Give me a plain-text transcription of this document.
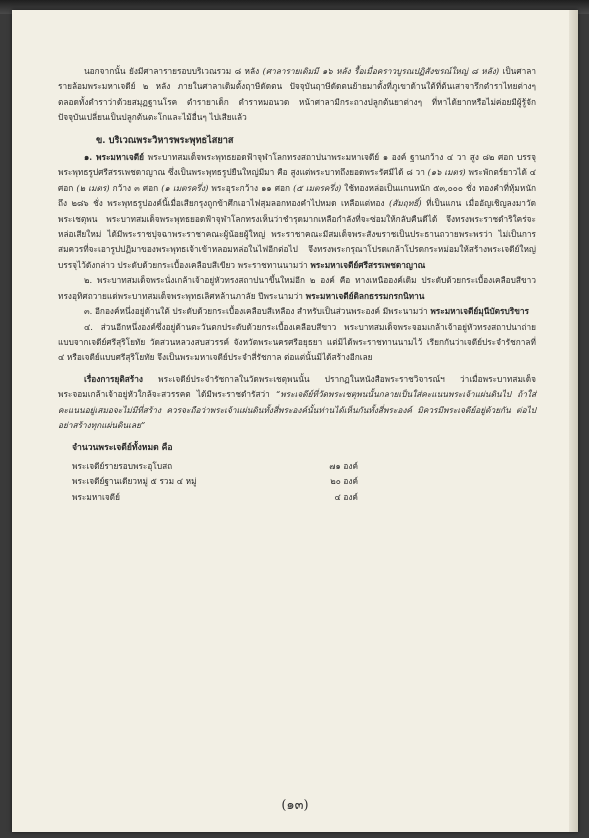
นอกจากนั้น ยังมีศาลารายรอบบริเวณรวม ๘ หลัง (ศาลารายเดิมมี ๑๖ หลัง รื้อเมื่อคราวบูรณปฏิสังขรณ์ใหญ่ ๘ หลัง) เป็นศาลารายล้อมพระมหาเจดีย์ ๒ หลัง ภายในศาลาเดิมตั้งฤาษีดัดตน ปัจจุบันฤาษีดัดตนย้ายมาตั้งที่ภูเขาด้านใต้ที่ต้นเสาจารึกตำราไทยต่างๆ ตลอดทั้งตำราว่าด้วยสมุฏฐานโรค ตำรายาเด็ก ตำราหมอนวด หน้าศาลามีกระถางปลูกต้นยาต่างๆ ที่หาได้ยากหรือไม่ค่อยมีผู้รู้จัก ปัจจุบันเปลี่ยนเป็นปลูกต้นตะโกและไม้อื่นๆ ไปเสียแล้ว

ข. บริเวณพระวิหารพระพุทธไสยาส

๑. พระมหาเจดีย์ พระบาทสมเด็จพระพุทธยอดฟ้าจุฬาโลกทรงสถาปนาพระมหาเจดีย์ ๑ องค์ ฐานกว้าง ๔ วา สูง ๘๒ ศอก บรรจุพระพุทธรูปศรีสรรเพชดาญาณ ซึ่งเป็นพระพุทธรูปยืนใหญ่มีมา คือ สูงแต่พระบาทถึงยอดพระรัศมีได้ ๘ วา (๑๖ เมตร) พระพักตร์ยาวได้ ๔ ศอก (๒ เมตร) กว้าง ๓ ศอก (๑ เมตรครึ่ง) พระอุระกว้าง ๑๑ ศอก (๕ เมตรครึ่ง) ใช้ทองหล่อเป็นแกนหนัก ๕๓,๐๐๐ ชั่ง ทองคำที่หุ้มหนักถึง ๒๘๖ ชั่ง พระพุทธรูปองค์นี้เมื่อเสียกรุงถูกข้าศึกเอาไฟสุมลอกทองคำไปหมด เหลือแต่ทอง (สัมฤทธิ์) ที่เป็นแกน เมื่ออัญเชิญลงมาวัดพระเชตุพน พระบาทสมเด็จพระพุทธยอดฟ้าจุฬาโลกทรงเห็นว่าชำรุดมากเหลือกำลังที่จะซ่อมให้กลับคืนดีได้ จึงทรงพระราชดำริใคร่จะหล่อเสียใหม่ ได้มีพระราชปุจฉาพระราชาคณะผู้น้อยผู้ใหญ่ พระราชาคณะมีสมเด็จพระสังฆราชเป็นประธานถวายพระพรว่า ไม่เป็นการสมควรที่จะเอารูปปฏิมาของพระพุทธเจ้าเข้าหลอมหล่อในไฟอีกต่อไป จึงทรงพระกรุณาโปรดเกล้าโปรดกระหม่อมให้สร้างพระเจดีย์ใหญ่บรรจุไว้ดังกล่าว ประดับด้วยกระเบื้องเคลือบสีเขียว พระราชทานนามว่า พระมหาเจดีย์ศรีสรรเพชดาญาณ

๒. พระบาทสมเด็จพระนั่งเกล้าเจ้าอยู่หัวทรงสถาปนาขึ้นใหม่อีก ๒ องค์ คือ ทางเหนือองค์เดิม ประดับด้วยกระเบื้องเคลือบสีขาว ทรงอุทิศถวายแด่พระบาทสมเด็จพระพุทธเลิศหล้านภาลัย ปีพระนามว่า พระมหาเจดีย์ดิลกธรรมกรกนิทาน

๓. อีกองค์หนึ่งอยู่ด้านใต้ ประดับด้วยกระเบื้องเคลือบสีเหลือง สำหรับเป็นส่วนพระองค์ มีพระนามว่า พระมหาเจดีย์มุนีบัตรบริขาร

๔. ส่วนอีกหนึ่งองค์ซึ่งอยู่ด้านตะวันตกประดับด้วยกระเบื้องเคลือบสีขาว พระบาทสมเด็จพระจอมเกล้าเจ้าอยู่หัวทรงสถาปนาถ่ายแบบจากเจดีย์ศรีสุริโยทัย วัดสวนหลวงสบสวรรค์ จังหวัดพระนครศรีอยุธยา แต่มิได้พระราชทานนามไว้ เรียกกันว่าเจดีย์ประจำรัชกาลที่ ๔ หรือเจดีย์แบบศรีสุริโยทัย จึงเป็นพระมหาเจดีย์ประจำสี่รัชกาล ต่อแต่นั้นมิได้สร้างอีกเลย

เรื่องการยุติสร้าง พระเจดีย์ประจำรัชกาลในวัดพระเชตุพนนั้น ปรากฏในหนังสือพระราชวิจารณ์ฯ ว่าเมื่อพระบาทสมเด็จพระจอมเกล้าเจ้าอยู่หัวใกล้จะสวรรคต ได้มีพระราชดำรัสว่า “พระเจดีย์ที่วัดพระเชตุพนนั้นกลายเป็นใส่คะแนนพระเจ้าแผ่นดินไป ถ้าใส่คะแนนอยู่เสมอจะไม่มีที่สร้าง ควรจะถือว่าพระเจ้าแผ่นดินทั้งสี่พระองค์นั้นท่านได้เห็นกันทั้งสี่พระองค์ มิควรมีพระเจดีย์อยู่ด้วยกัน ต่อไปอย่าสร้างทุกแผ่นดินเลย”

จำนวนพระเจดีย์ทั้งหมด คือ
พระเจดีย์รายรอบพระอุโบสถ	๗๑ องค์
พระเจดีย์ฐานเดียวหมู่ ๕ รวม ๔ หมู่	๒๐ องค์
พระมหาเจดีย์	๔ องค์
(๑๓)
